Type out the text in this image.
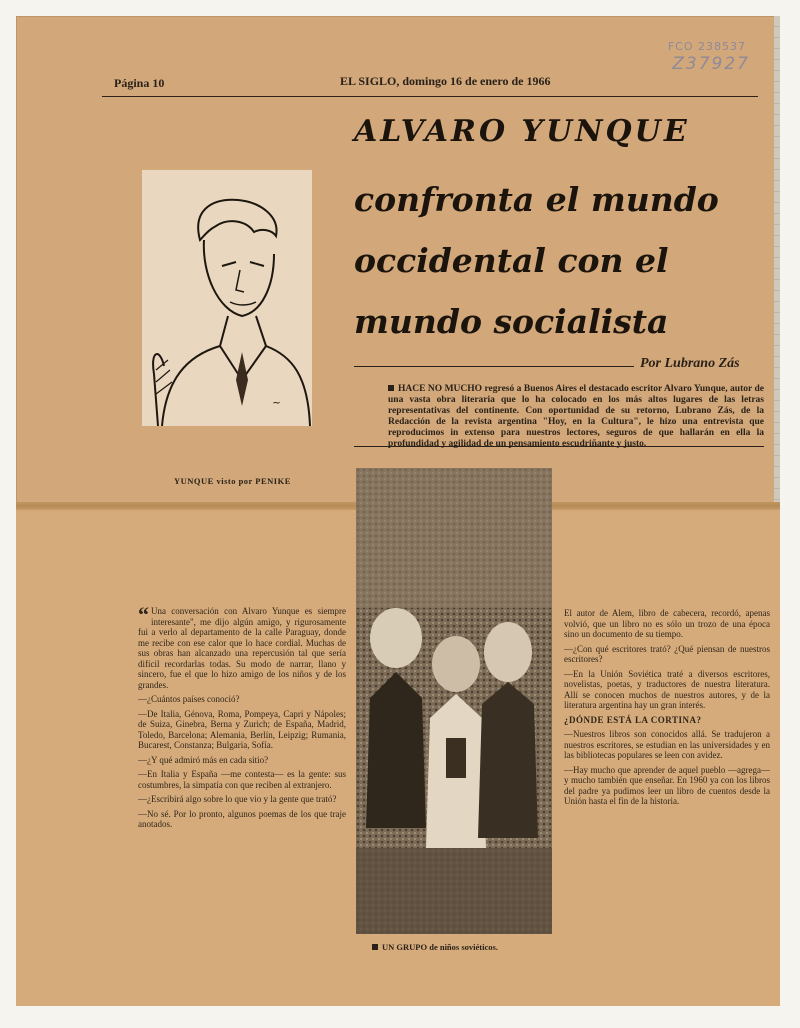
FCO 238537
Z37927
Página 10	EL SIGLO, domingo 16 de enero de 1966
ALVARO YUNQUE
confronta el mundo
occidental con el
mundo socialista
Por Lubrano Zás
HACE NO MUCHO regresó a Buenos Aires el destacado escritor Alvaro Yunque, autor de una vasta obra literaria que lo ha colocado en los más altos lugares de las letras representativas del continente. Con oportunidad de su retorno, Lubrano Zás, de la Redacción de la revista argentina "Hoy, en la Cultura", le hizo una entrevista que reproducimos in extenso para nuestros lectores, seguros de que hallarán en ella la profundidad y agilidad de un pensamiento escudriñante y justo.
~
YUNQUE visto por PENIKE
UN GRUPO de niños soviéticos.

“ Una conversación con Alvaro Yunque es siempre interesante", me dijo algún amigo, y rigurosamente fui a verlo al departamento de la calle Paraguay, donde me recibe con ese calor que lo hace cordial. Muchas de sus obras han alcanzado una repercusión tal que sería difícil recordarlas todas. Su modo de narrar, llano y sincero, fue el que lo hizo amigo de los niños y de los grandes.

—¿Cuántos países conoció?

—De Italia, Génova, Roma, Pompeya, Capri y Nápoles; de Suiza, Ginebra, Berna y Zurich; de España, Madrid, Toledo, Barcelona; Alemania, Berlín, Leipzig; Rumania, Bucarest, Constanza; Bulgaria, Sofía.

—¿Y qué admiró más en cada sitio?

—En Italia y España —me contesta— es la gente: sus costumbres, la simpatía con que reciben al extranjero.

—¿Escribirá algo sobre lo que vio y la gente que trató?

—No sé. Por lo pronto, algunos poemas de los que traje anotados.

El autor de Alem, libro de cabecera, recordó, apenas volvió, que un libro no es sólo un trozo de una época sino un documento de su tiempo.

—¿Con qué escritores trató? ¿Qué piensan de nuestros escritores?

—En la Unión Soviética traté a diversos escritores, novelistas, poetas, y traductores de nuestra literatura. Allí se conocen muchos de nuestros autores, y de la literatura argentina hay un gran interés.

¿DÓNDE ESTÁ LA CORTINA?

—Nuestros libros son conocidos allá. Se tradujeron a nuestros escritores, se estudian en las universidades y en las bibliotecas populares se leen con avidez.

—Hay mucho que aprender de aquel pueblo —agrega— y mucho también que enseñar. En 1960 ya con los libros del padre ya pudimos leer un libro de cuentos desde la Unión hasta el fin de la historia.
